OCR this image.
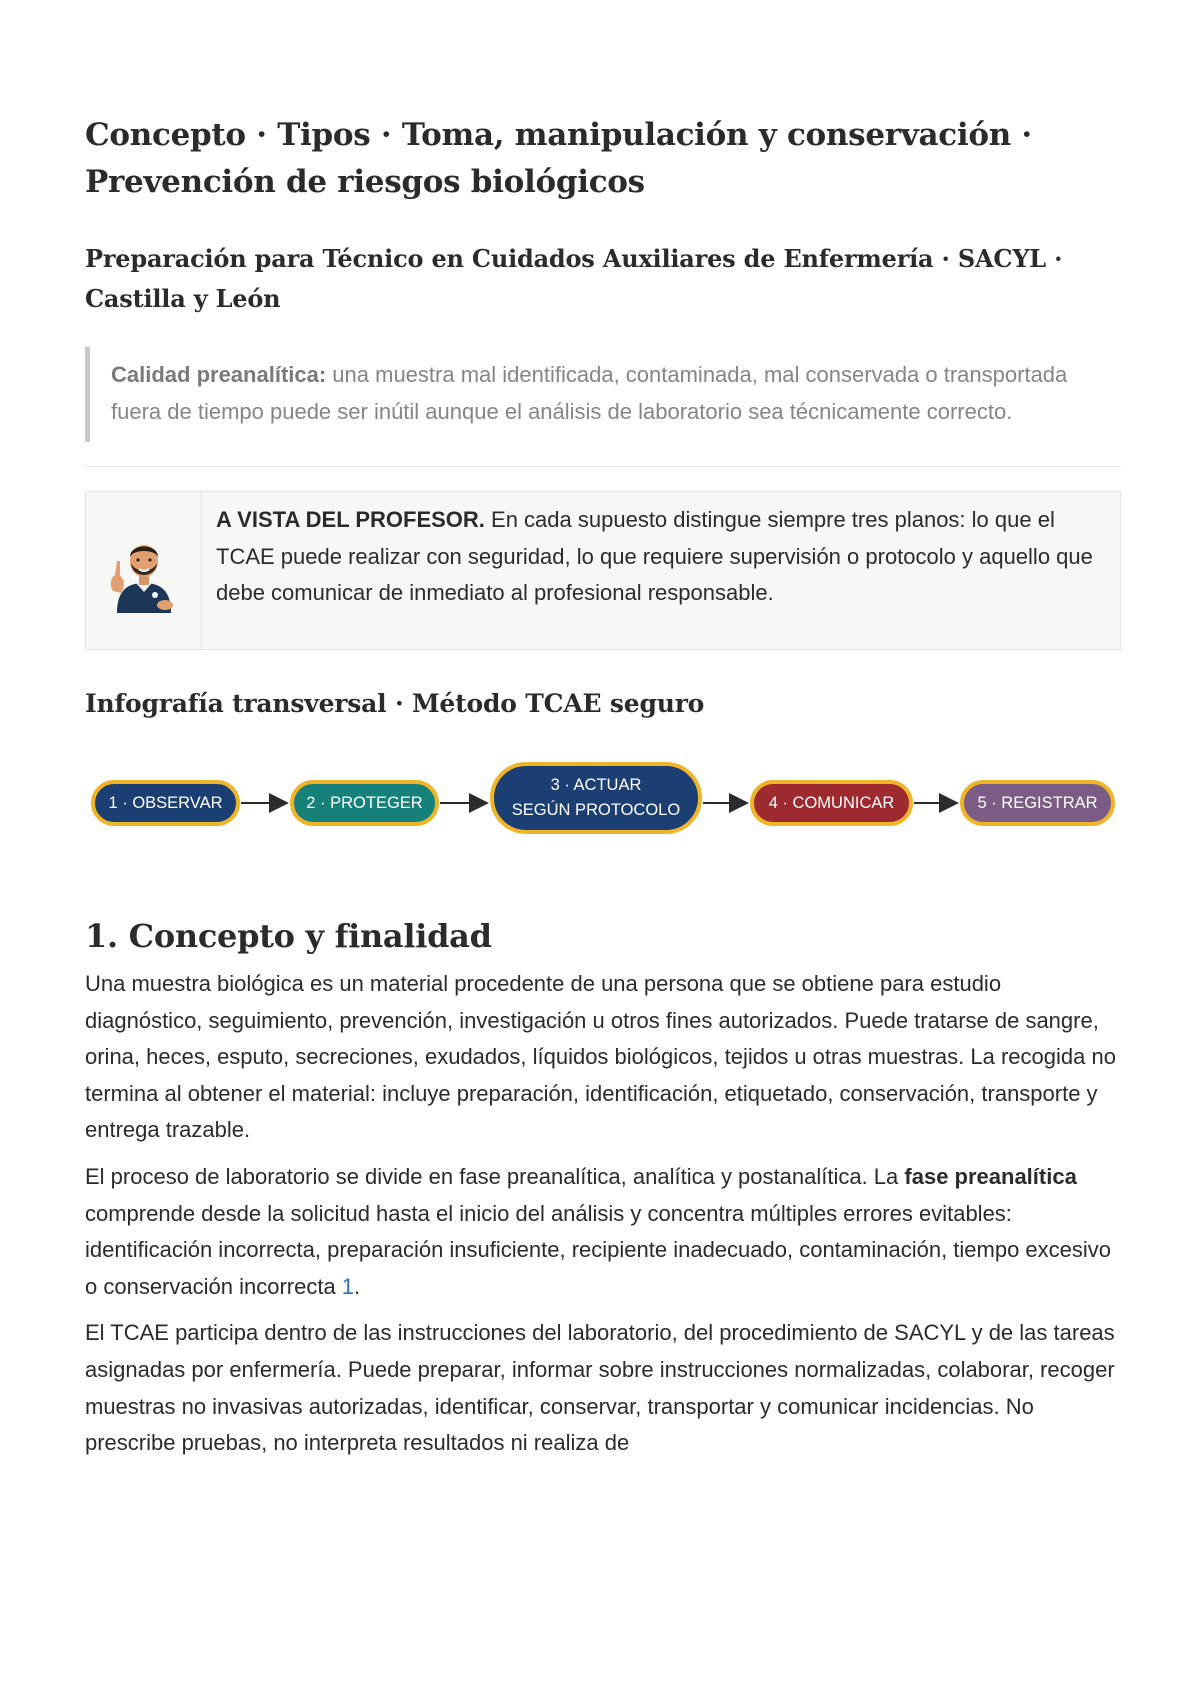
Concepto · Tipos · Toma, manipulación y conservación · Prevención de riesgos biológicos
Preparación para Técnico en Cuidados Auxiliares de Enfermería · SACYL · Castilla y León
Calidad preanalítica: una muestra mal identificada, contaminada, mal conservada o transportada fuera de tiempo puede ser inútil aunque el análisis de laboratorio sea técnicamente correcto.
A VISTA DEL PROFESOR. En cada supuesto distingue siempre tres planos: lo que el TCAE puede realizar con seguridad, lo que requiere supervisión o protocolo y aquello que debe comunicar de inmediato al profesional responsable.
Infografía transversal · Método TCAE seguro
1 · OBSERVAR	2 · PROTEGER
3 · ACTUAR
SEGÚN PROTOCOLO	4 · COMUNICAR	5 · REGISTRAR
1. Concepto y finalidad

Una muestra biológica es un material procedente de una persona que se obtiene para estudio diagnóstico, seguimiento, prevención, investigación u otros fines autorizados. Puede tratarse de sangre, orina, heces, esputo, secreciones, exudados, líquidos biológicos, tejidos u otras muestras. La recogida no termina al obtener el material: incluye preparación, identificación, etiquetado, conservación, transporte y entrega trazable.

El proceso de laboratorio se divide en fase preanalítica, analítica y postanalítica. La fase preanalítica comprende desde la solicitud hasta el inicio del análisis y concentra múltiples errores evitables: identificación incorrecta, preparación insuficiente, recipiente inadecuado, contaminación, tiempo excesivo o conservación incorrecta 1.

El TCAE participa dentro de las instrucciones del laboratorio, del procedimiento de SACYL y de las tareas asignadas por enfermería. Puede preparar, informar sobre instrucciones normalizadas, colaborar, recoger muestras no invasivas autorizadas, identificar, conservar, transportar y comunicar incidencias. No prescribe pruebas, no interpreta resultados ni realiza de
